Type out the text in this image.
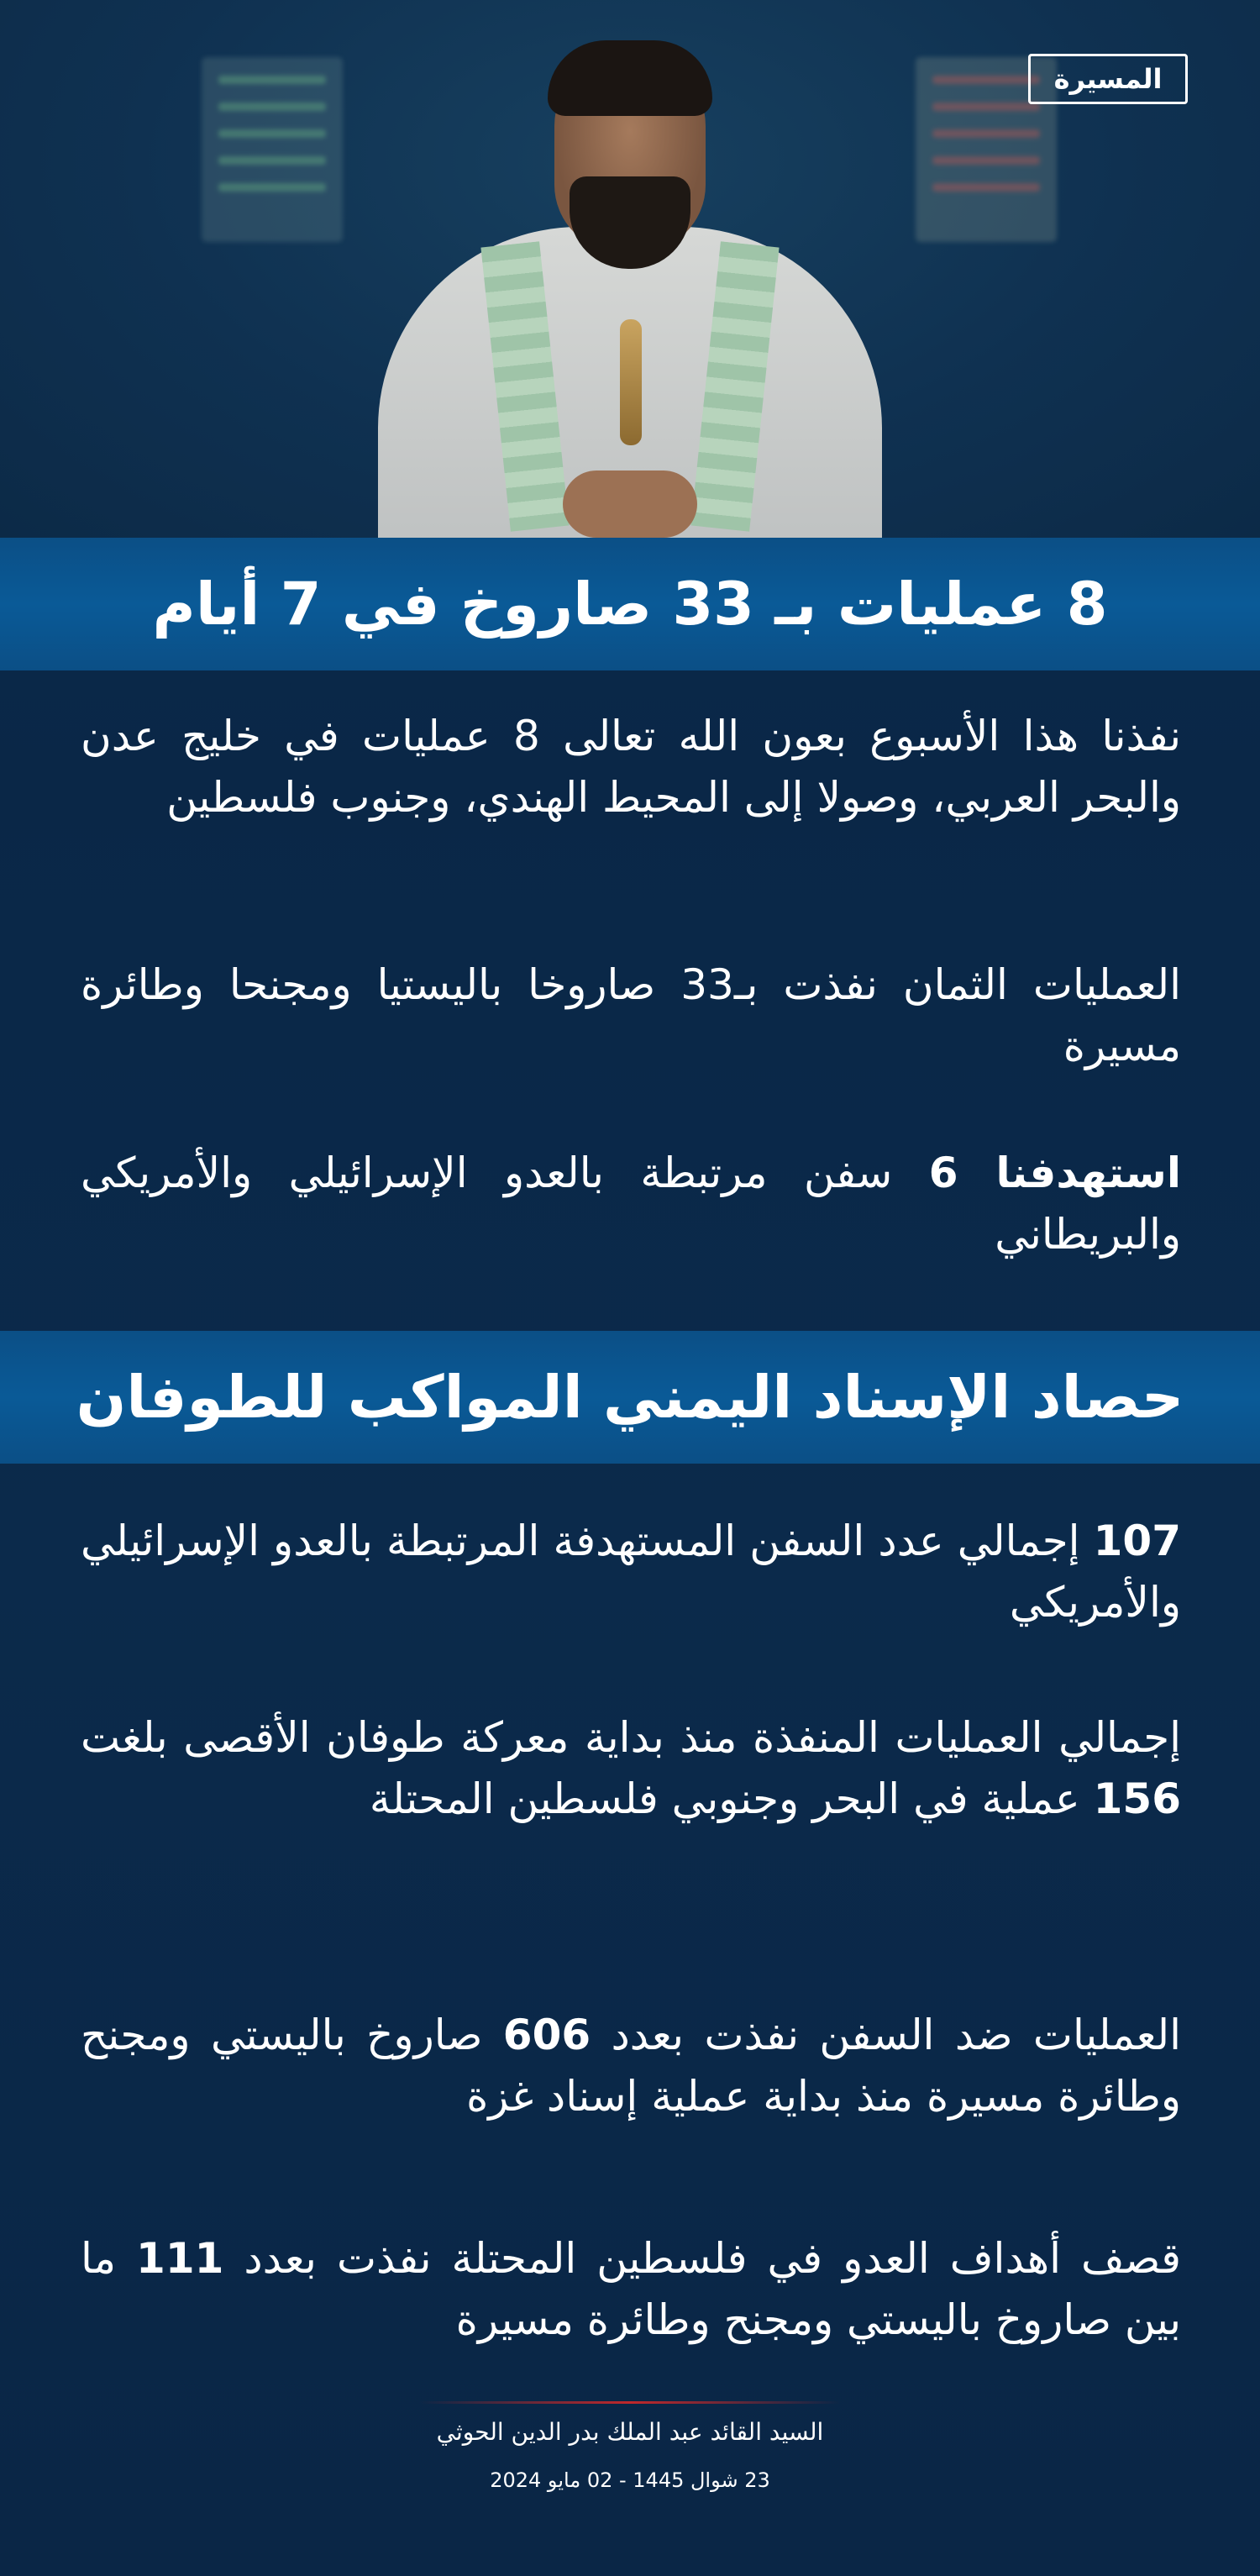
المسيرة
8 عمليات بـ 33 صاروخ في 7 أيام
نفذنا هذا الأسبوع بعون الله تعالى 8 عمليات في خليج عدن والبحر العربي، وصولا إلى المحيط الهندي، وجنوب فلسطين
العمليات الثمان نفذت بـ33 صاروخا باليستيا ومجنحا وطائرة مسيرة
استهدفنا 6 سفن مرتبطة بالعدو الإسرائيلي والأمريكي والبريطاني
حصاد الإسناد اليمني المواكب للطوفان
107 إجمالي عدد السفن المستهدفة المرتبطة بالعدو الإسرائيلي والأمريكي
إجمالي العمليات المنفذة منذ بداية معركة طوفان الأقصى بلغت 156 عملية في البحر وجنوبي فلسطين المحتلة
العمليات ضد السفن نفذت بعدد 606 صاروخ باليستي ومجنح وطائرة مسيرة منذ بداية عملية إسناد غزة
قصف أهداف العدو في فلسطين المحتلة نفذت بعدد 111 ما بين صاروخ باليستي ومجنح وطائرة مسيرة
السيد القائد عبد الملك بدر الدين الحوثي
23 شوال 1445 - 02 مايو 2024
